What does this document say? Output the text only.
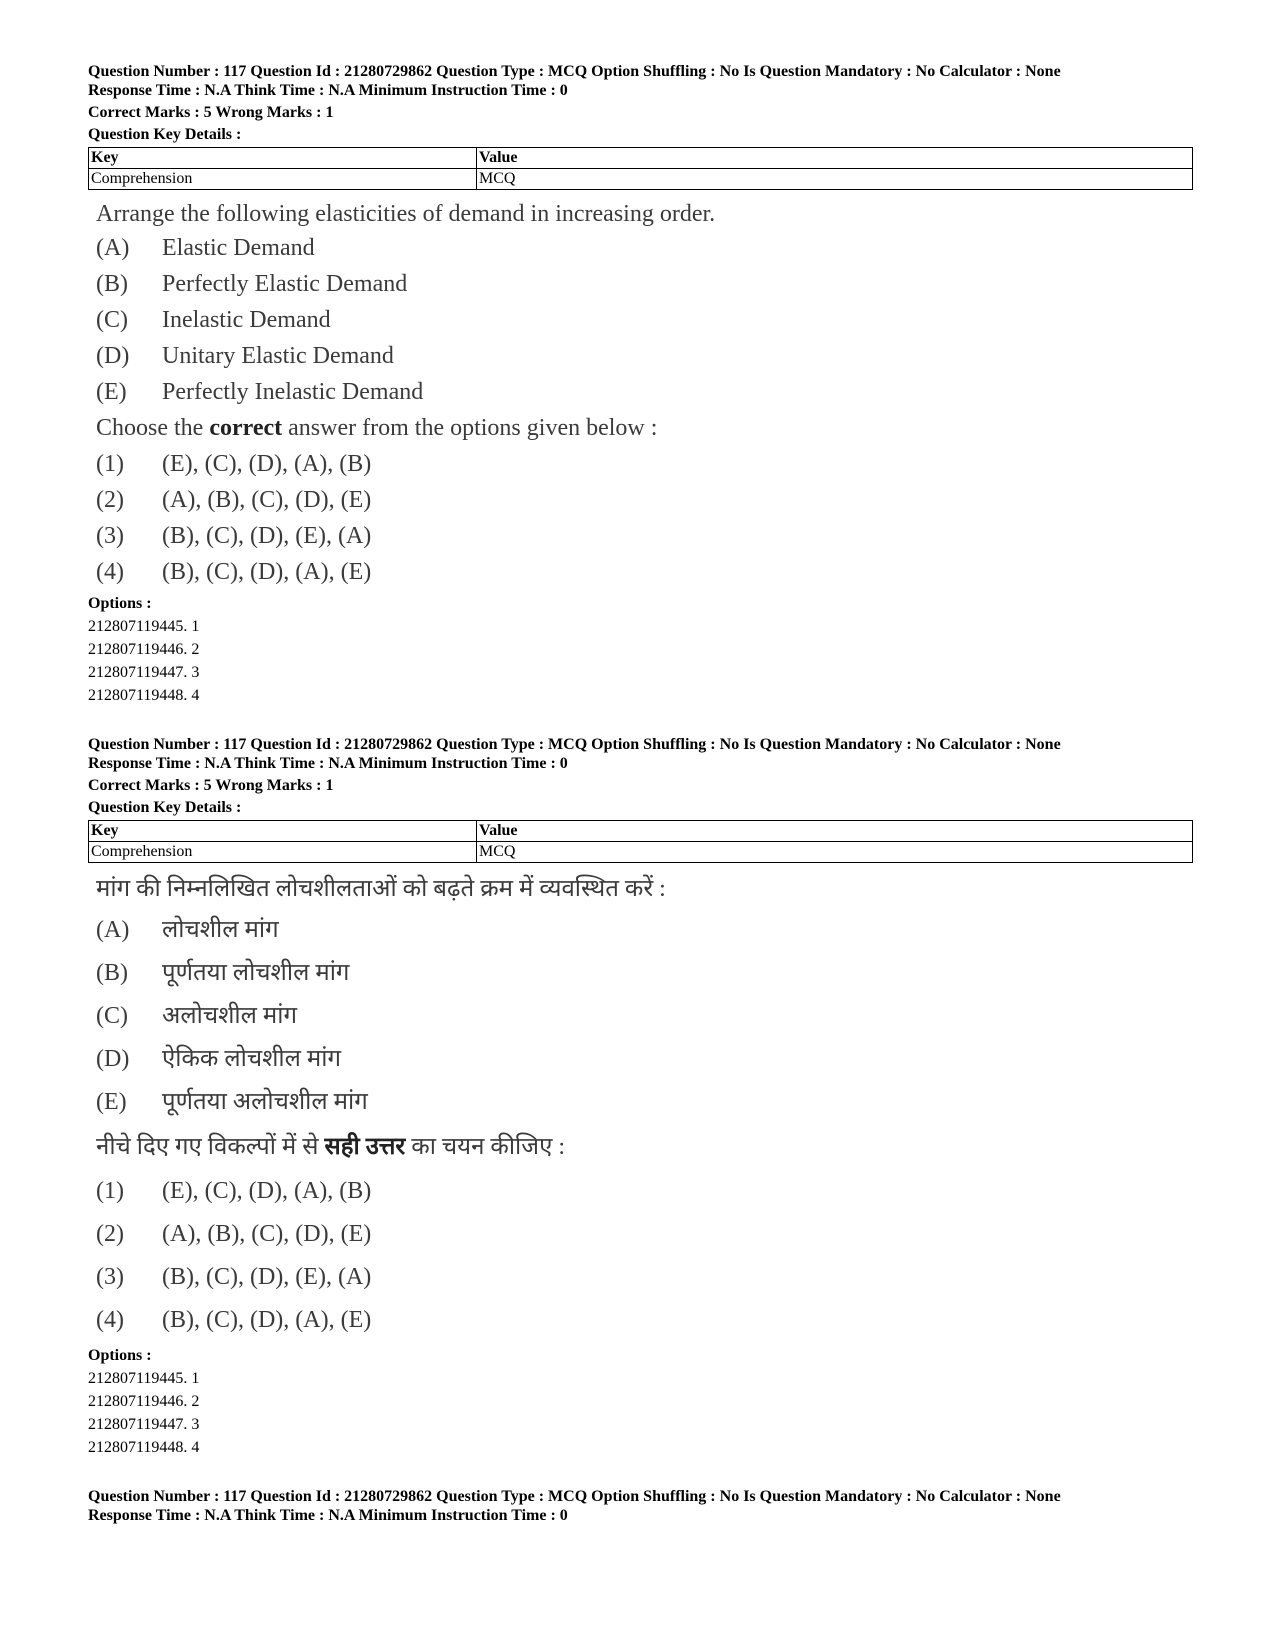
Question Number : 117 Question Id : 21280729862 Question Type : MCQ Option Shuffling : No Is Question Mandatory : No Calculator : None

Response Time : N.A Think Time : N.A Minimum Instruction Time : 0

Correct Marks : 5 Wrong Marks : 1

Question Key Details :

Key	Value
Comprehension	MCQ
Arrange the following elasticities of demand in increasing order.
(A)	Elastic Demand
(B)	Perfectly Elastic Demand
(C)	Inelastic Demand
(D)	Unitary Elastic Demand
(E)	Perfectly Inelastic Demand
Choose the correct answer from the options given below :
(1)	(E), (C), (D), (A), (B)
(2)	(A), (B), (C), (D), (E)
(3)	(B), (C), (D), (E), (A)
(4)	(B), (C), (D), (A), (E)
Options :
212807119445. 1
212807119446. 2
212807119447. 3
212807119448. 4

Question Number : 117 Question Id : 21280729862 Question Type : MCQ Option Shuffling : No Is Question Mandatory : No Calculator : None

Response Time : N.A Think Time : N.A Minimum Instruction Time : 0

Correct Marks : 5 Wrong Marks : 1

Question Key Details :

Key	Value
Comprehension	MCQ
मांग की निम्नलिखित लोचशीलताओं को बढ़ते क्रम में व्यवस्थित करें :
(A)	लोचशील मांग
(B)	पूर्णतया लोचशील मांग
(C)	अलोचशील मांग
(D)	ऐकिक लोचशील मांग
(E)	पूर्णतया अलोचशील मांग
नीचे दिए गए विकल्पों में से सही उत्तर का चयन कीजिए :
(1)	(E), (C), (D), (A), (B)
(2)	(A), (B), (C), (D), (E)
(3)	(B), (C), (D), (E), (A)
(4)	(B), (C), (D), (A), (E)
Options :
212807119445. 1
212807119446. 2
212807119447. 3
212807119448. 4

Question Number : 117 Question Id : 21280729862 Question Type : MCQ Option Shuffling : No Is Question Mandatory : No Calculator : None

Response Time : N.A Think Time : N.A Minimum Instruction Time : 0
